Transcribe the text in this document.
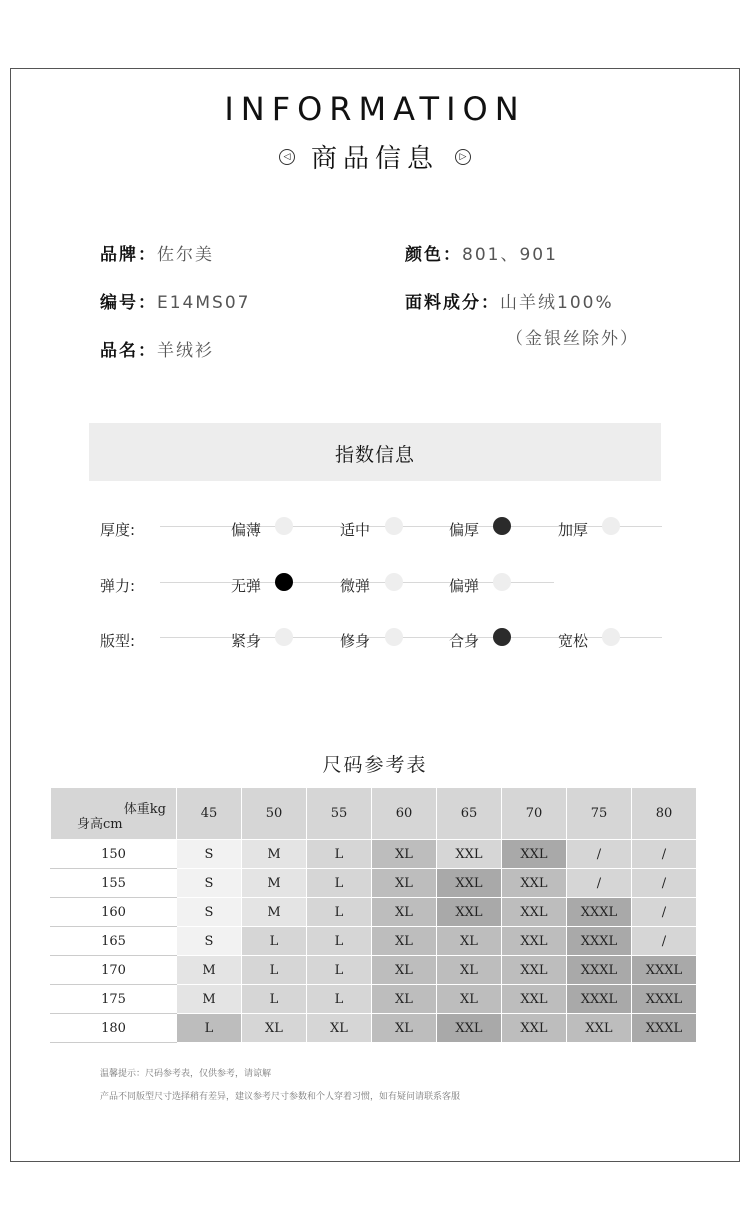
INFORMATION
◁ 商品信息 ▷
品牌：佐尔美
编号：E14MS07
品名：羊绒衫
颜色：801、901
面料成分：山羊绒100%
（金银丝除外）
指数信息
厚度:	偏薄	适中	偏厚	加厚
弹力:	无弹	微弹	偏弹
版型:	紧身	修身	合身	宽松
尺码参考表
体重kg
身高cm	45	50	55	60	65	70	75	80
150	S	M	L	XL	XXL	XXL	/	/
155	S	M	L	XL	XXL	XXL	/	/
160	S	M	L	XL	XXL	XXL	XXXL	/
165	S	L	L	XL	XL	XXL	XXXL	/
170	M	L	L	XL	XL	XXL	XXXL	XXXL
175	M	L	L	XL	XL	XXL	XXXL	XXXL
180	L	XL	XL	XL	XXL	XXL	XXL	XXXL
温馨提示：尺码参考表，仅供参考，请谅解
产品不同版型尺寸选择稍有差异，建议参考尺寸参数和个人穿着习惯，如有疑问请联系客服
